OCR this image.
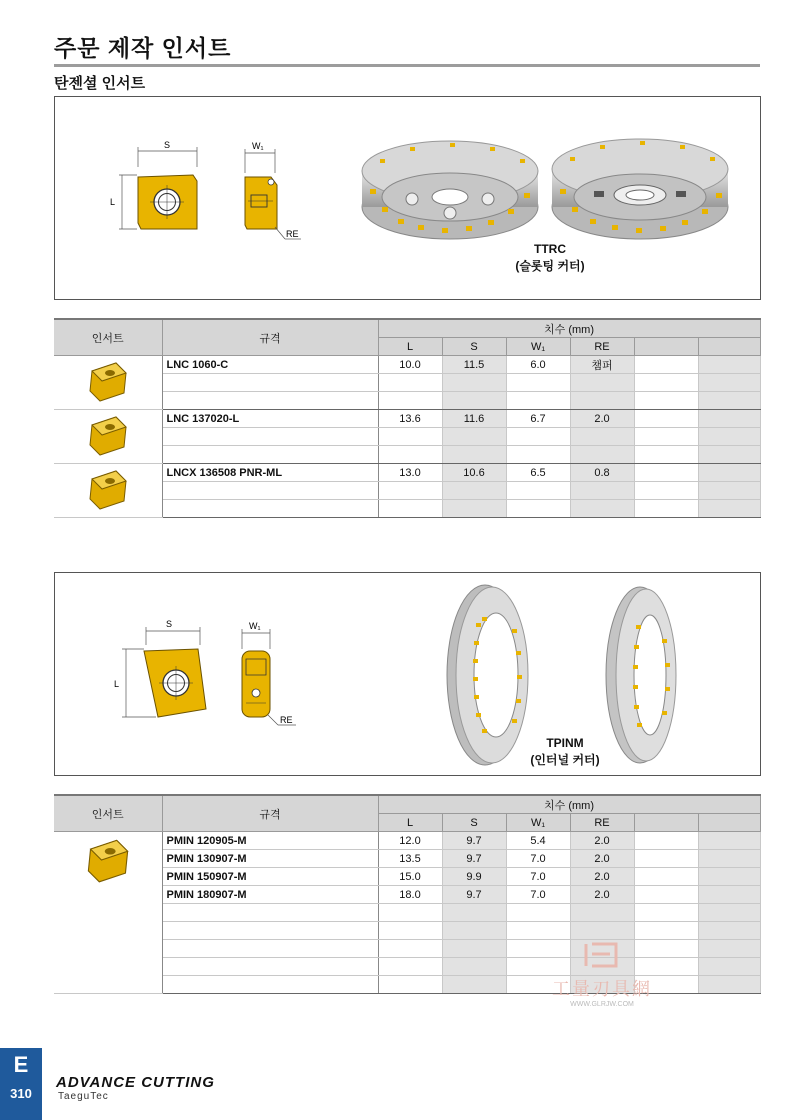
주문 제작 인서트
탄젠셜 인서트
S
L
W₁
RE
TTRC
(슬롯팅 커터)
인서트	규격	치수 (mm)					
		L	S	W₁	RE		
	LNC 1060-C	10.0	11.5	6.0	챔퍼		

	LNC 137020-L	13.6	11.6	6.7	2.0		

	LNCX 136508 PNR-ML	13.0	10.6	6.5	0.8		

S
L
W₁
RE
TPINM
(인터널 커터)
인서트	규격	치수 (mm)					
		L	S	W₁	RE		
	PMIN 120905-M	12.0	9.7	5.4	2.0		
	PMIN 130907-M	13.5	9.7	7.0	2.0		
	PMIN 150907-M	15.0	9.9	7.0	2.0		
	PMIN 180907-M	18.0	9.7	7.0	2.0		

工量刃具網
WWW.GLRJW.COM
E
310
ADVANCE CUTTING
TaeguTec
